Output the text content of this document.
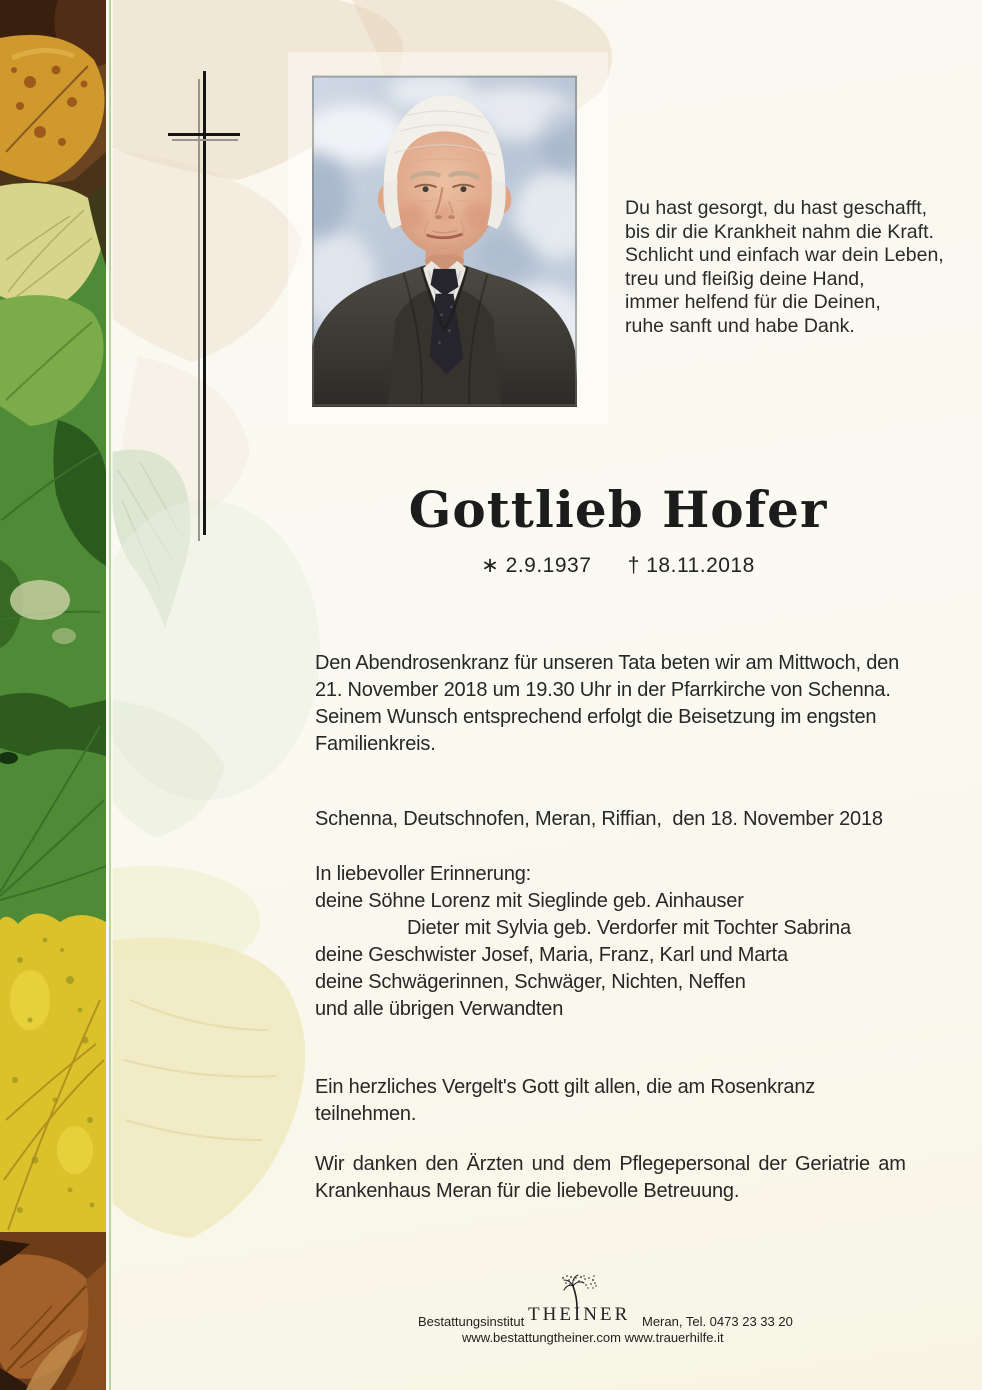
Du hast gesorgt, du hast geschafft,
bis dir die Krankheit nahm die Kraft.
Schlicht und einfach war dein Leben,
treu und fleißig deine Hand,
immer helfend für die Deinen,
ruhe sanft und habe Dank.
Gottlieb Hofer
∗ 2.9.1937 † 18.11.2018
Den Abendrosenkranz für unseren Tata beten wir am Mittwoch, den
21. November 2018 um 19.30 Uhr in der Pfarrkirche von Schenna.
Seinem Wunsch entsprechend erfolgt die Beisetzung im engsten
Familienkreis.
Schenna, Deutschnofen, Meran, Riffian,  den 18. November 2018
In liebevoller Erinnerung:
deine Söhne Lorenz mit Sieglinde geb. Ainhauser
Dieter mit Sylvia geb. Verdorfer mit Tochter Sabrina
deine Geschwister Josef, Maria, Franz, Karl und Marta
deine Schwägerinnen, Schwäger, Nichten, Neffen
und alle übrigen Verwandten
Ein herzliches Vergelt's Gott gilt allen, die am Rosenkranz
teilnehmen.
Wir danken den Ärzten und dem Pflegepersonal der Geriatrie am
Krankenhaus Meran für die liebevolle Betreuung.
Bestattungsinstitut THEINER Meran, Tel. 0473 23 33 20
www.bestattungtheiner.com www.trauerhilfe.it
